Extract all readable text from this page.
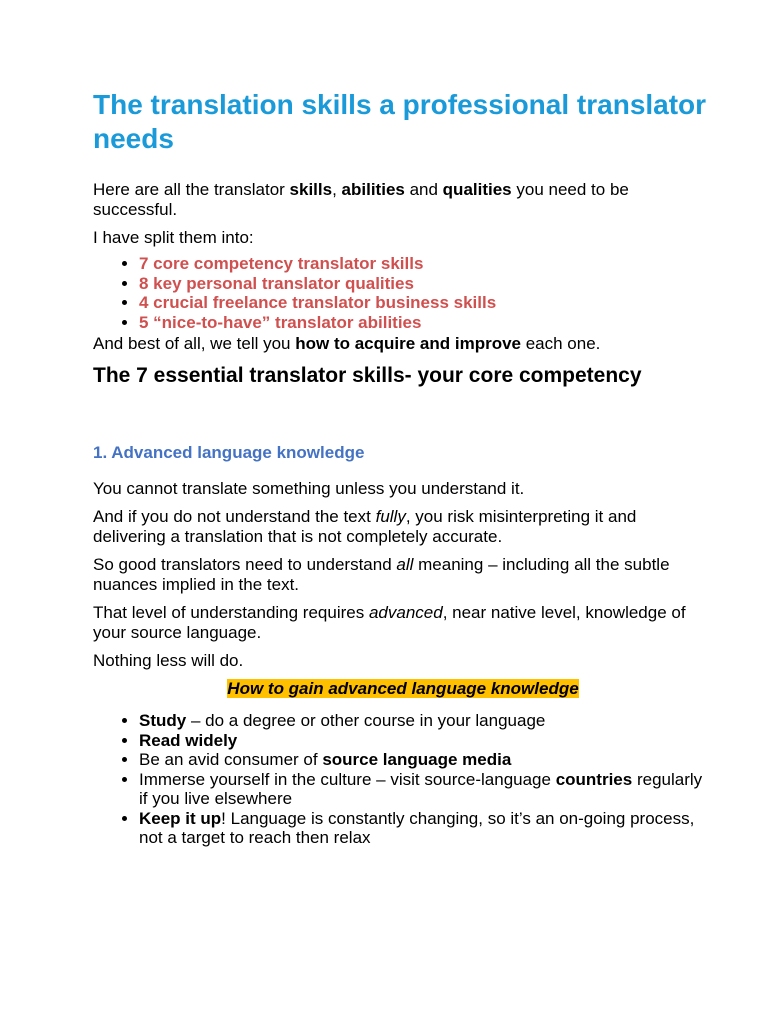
The translation skills a professional translator needs

Here are all the translator skills, abilities and qualities you need to be successful.

I have split them into:

• 7 core competency translator skills
• 8 key personal translator qualities
• 4 crucial freelance translator business skills
• 5 “nice-to-have” translator abilities

And best of all, we tell you how to acquire and improve each one.

The 7 essential translator skills- your core competency
1. Advanced language knowledge

You cannot translate something unless you understand it.

And if you do not understand the text fully, you risk misinterpreting it and delivering a translation that is not completely accurate.

So good translators need to understand all meaning – including all the subtle nuances implied in the text.

That level of understanding requires advanced, near native level, knowledge of your source language.

Nothing less will do.

How to gain advanced language knowledge
• Study – do a degree or other course in your language
• Read widely
• Be an avid consumer of source language media
• Immerse yourself in the culture – visit source-language countries regularly if you live elsewhere
• Keep it up! Language is constantly changing, so it’s an on-going process, not a target to reach then relax
